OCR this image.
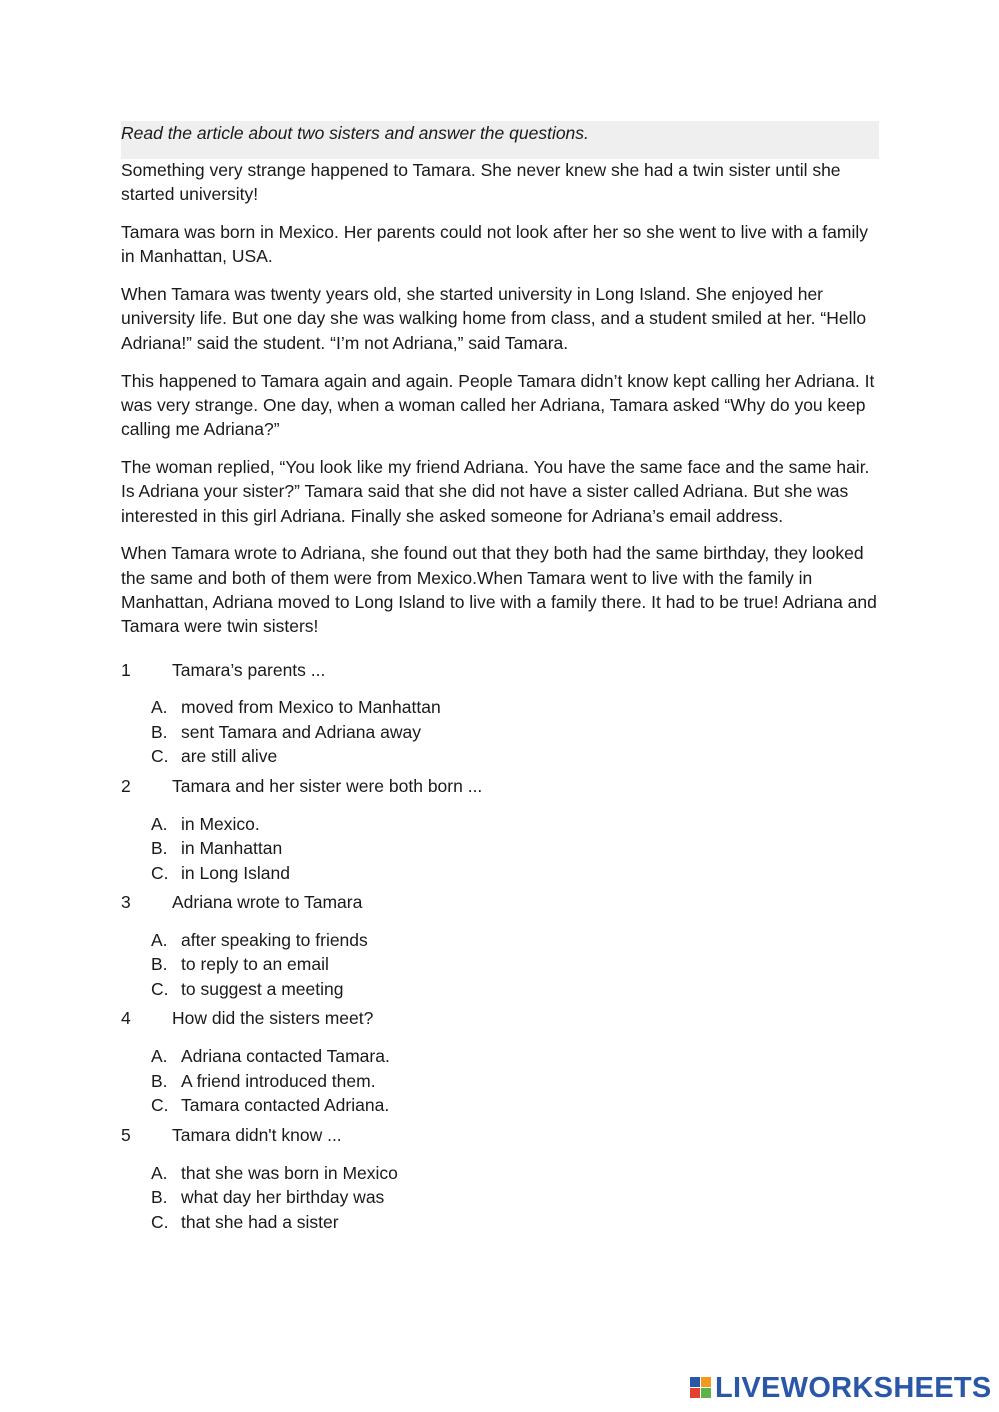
Read the article about two sisters and answer the questions.

Something very strange happened to Tamara. She never knew she had a twin sister until she started university!

Tamara was born in Mexico. Her parents could not look after her so she went to live with a family in Manhattan, USA.

When Tamara was twenty years old, she started university in Long Island. She enjoyed her university life. But one day she was walking home from class, and a student smiled at her. “Hello Adriana!” said the student. “I’m not Adriana,” said Tamara.

This happened to Tamara again and again. People Tamara didn’t know kept calling her Adriana. It was very strange. One day, when a woman called her Adriana, Tamara asked “Why do you keep calling me Adriana?”

The woman replied, “You look like my friend Adriana. You have the same face and the same hair. Is Adriana your sister?” Tamara said that she did not have a sister called Adriana. But she was interested in this girl Adriana. Finally she asked someone for Adriana’s email address.

When Tamara wrote to Adriana, she found out that they both had the same birthday, they looked the same and both of them were from Mexico.When Tamara went to live with the family in Manhattan, Adriana moved to Long Island to live with a family there. It had to be true! Adriana and Tamara were twin sisters!

1	Tamara’s parents ...
A. moved from Mexico to Manhattan
B. sent Tamara and Adriana away
C. are still alive
2	Tamara and her sister were both born ...
A. in Mexico.
B. in Manhattan
C. in Long Island
3	Adriana wrote to Tamara
A. after speaking to friends
B. to reply to an email
C. to suggest a meeting
4	How did the sisters meet?
A. Adriana contacted Tamara.
B. A friend introduced them.
C. Tamara contacted Adriana.
5	Tamara didn't know ...
A. that she was born in Mexico
B. what day her birthday was
C. that she had a sister
LIVEWORKSHEETS
